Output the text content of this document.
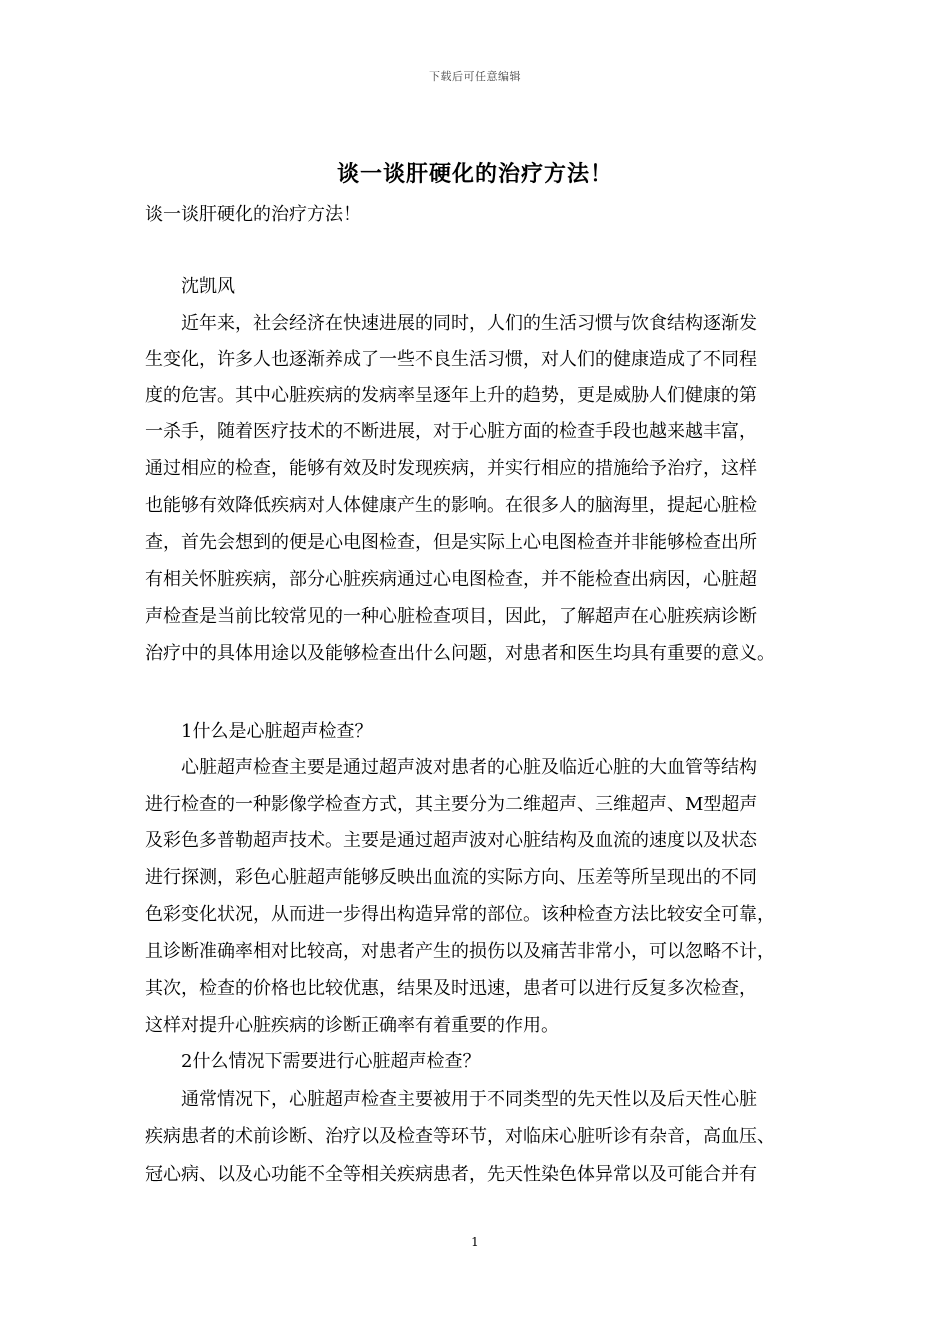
下载后可任意编辑
谈一谈肝硬化的治疗方法！
谈一谈肝硬化的治疗方法！
沈凯风
近年来，社会经济在快速进展的同时，人们的生活习惯与饮食结构逐渐发
生变化，许多人也逐渐养成了一些不良生活习惯，对人们的健康造成了不同程
度的危害。其中心脏疾病的发病率呈逐年上升的趋势，更是威胁人们健康的第
一杀手，随着医疗技术的不断进展，对于心脏方面的检查手段也越来越丰富，
通过相应的检查，能够有效及时发现疾病，并实行相应的措施给予治疗，这样
也能够有效降低疾病对人体健康产生的影响。在很多人的脑海里，提起心脏检
查，首先会想到的便是心电图检查，但是实际上心电图检查并非能够检查出所
有相关怀脏疾病，部分心脏疾病通过心电图检查，并不能检查出病因，心脏超
声检查是当前比较常见的一种心脏检查项目，因此，了解超声在心脏疾病诊断
治疗中的具体用途以及能够检查出什么问题，对患者和医生均具有重要的意义。
1什么是心脏超声检查？
心脏超声检查主要是通过超声波对患者的心脏及临近心脏的大血管等结构
进行检查的一种影像学检查方式，其主要分为二维超声、三维超声、M型超声
及彩色多普勒超声技术。主要是通过超声波对心脏结构及血流的速度以及状态
进行探测，彩色心脏超声能够反映出血流的实际方向、压差等所呈现出的不同
色彩变化状况，从而进一步得出构造异常的部位。该种检查方法比较安全可靠，
且诊断准确率相对比较高，对患者产生的损伤以及痛苦非常小，可以忽略不计，
其次，检查的价格也比较优惠，结果及时迅速，患者可以进行反复多次检查，
这样对提升心脏疾病的诊断正确率有着重要的作用。
2什么情况下需要进行心脏超声检查？
通常情况下，心脏超声检查主要被用于不同类型的先天性以及后天性心脏
疾病患者的术前诊断、治疗以及检查等环节，对临床心脏听诊有杂音，高血压、
冠心病、以及心功能不全等相关疾病患者，先天性染色体异常以及可能合并有
1
